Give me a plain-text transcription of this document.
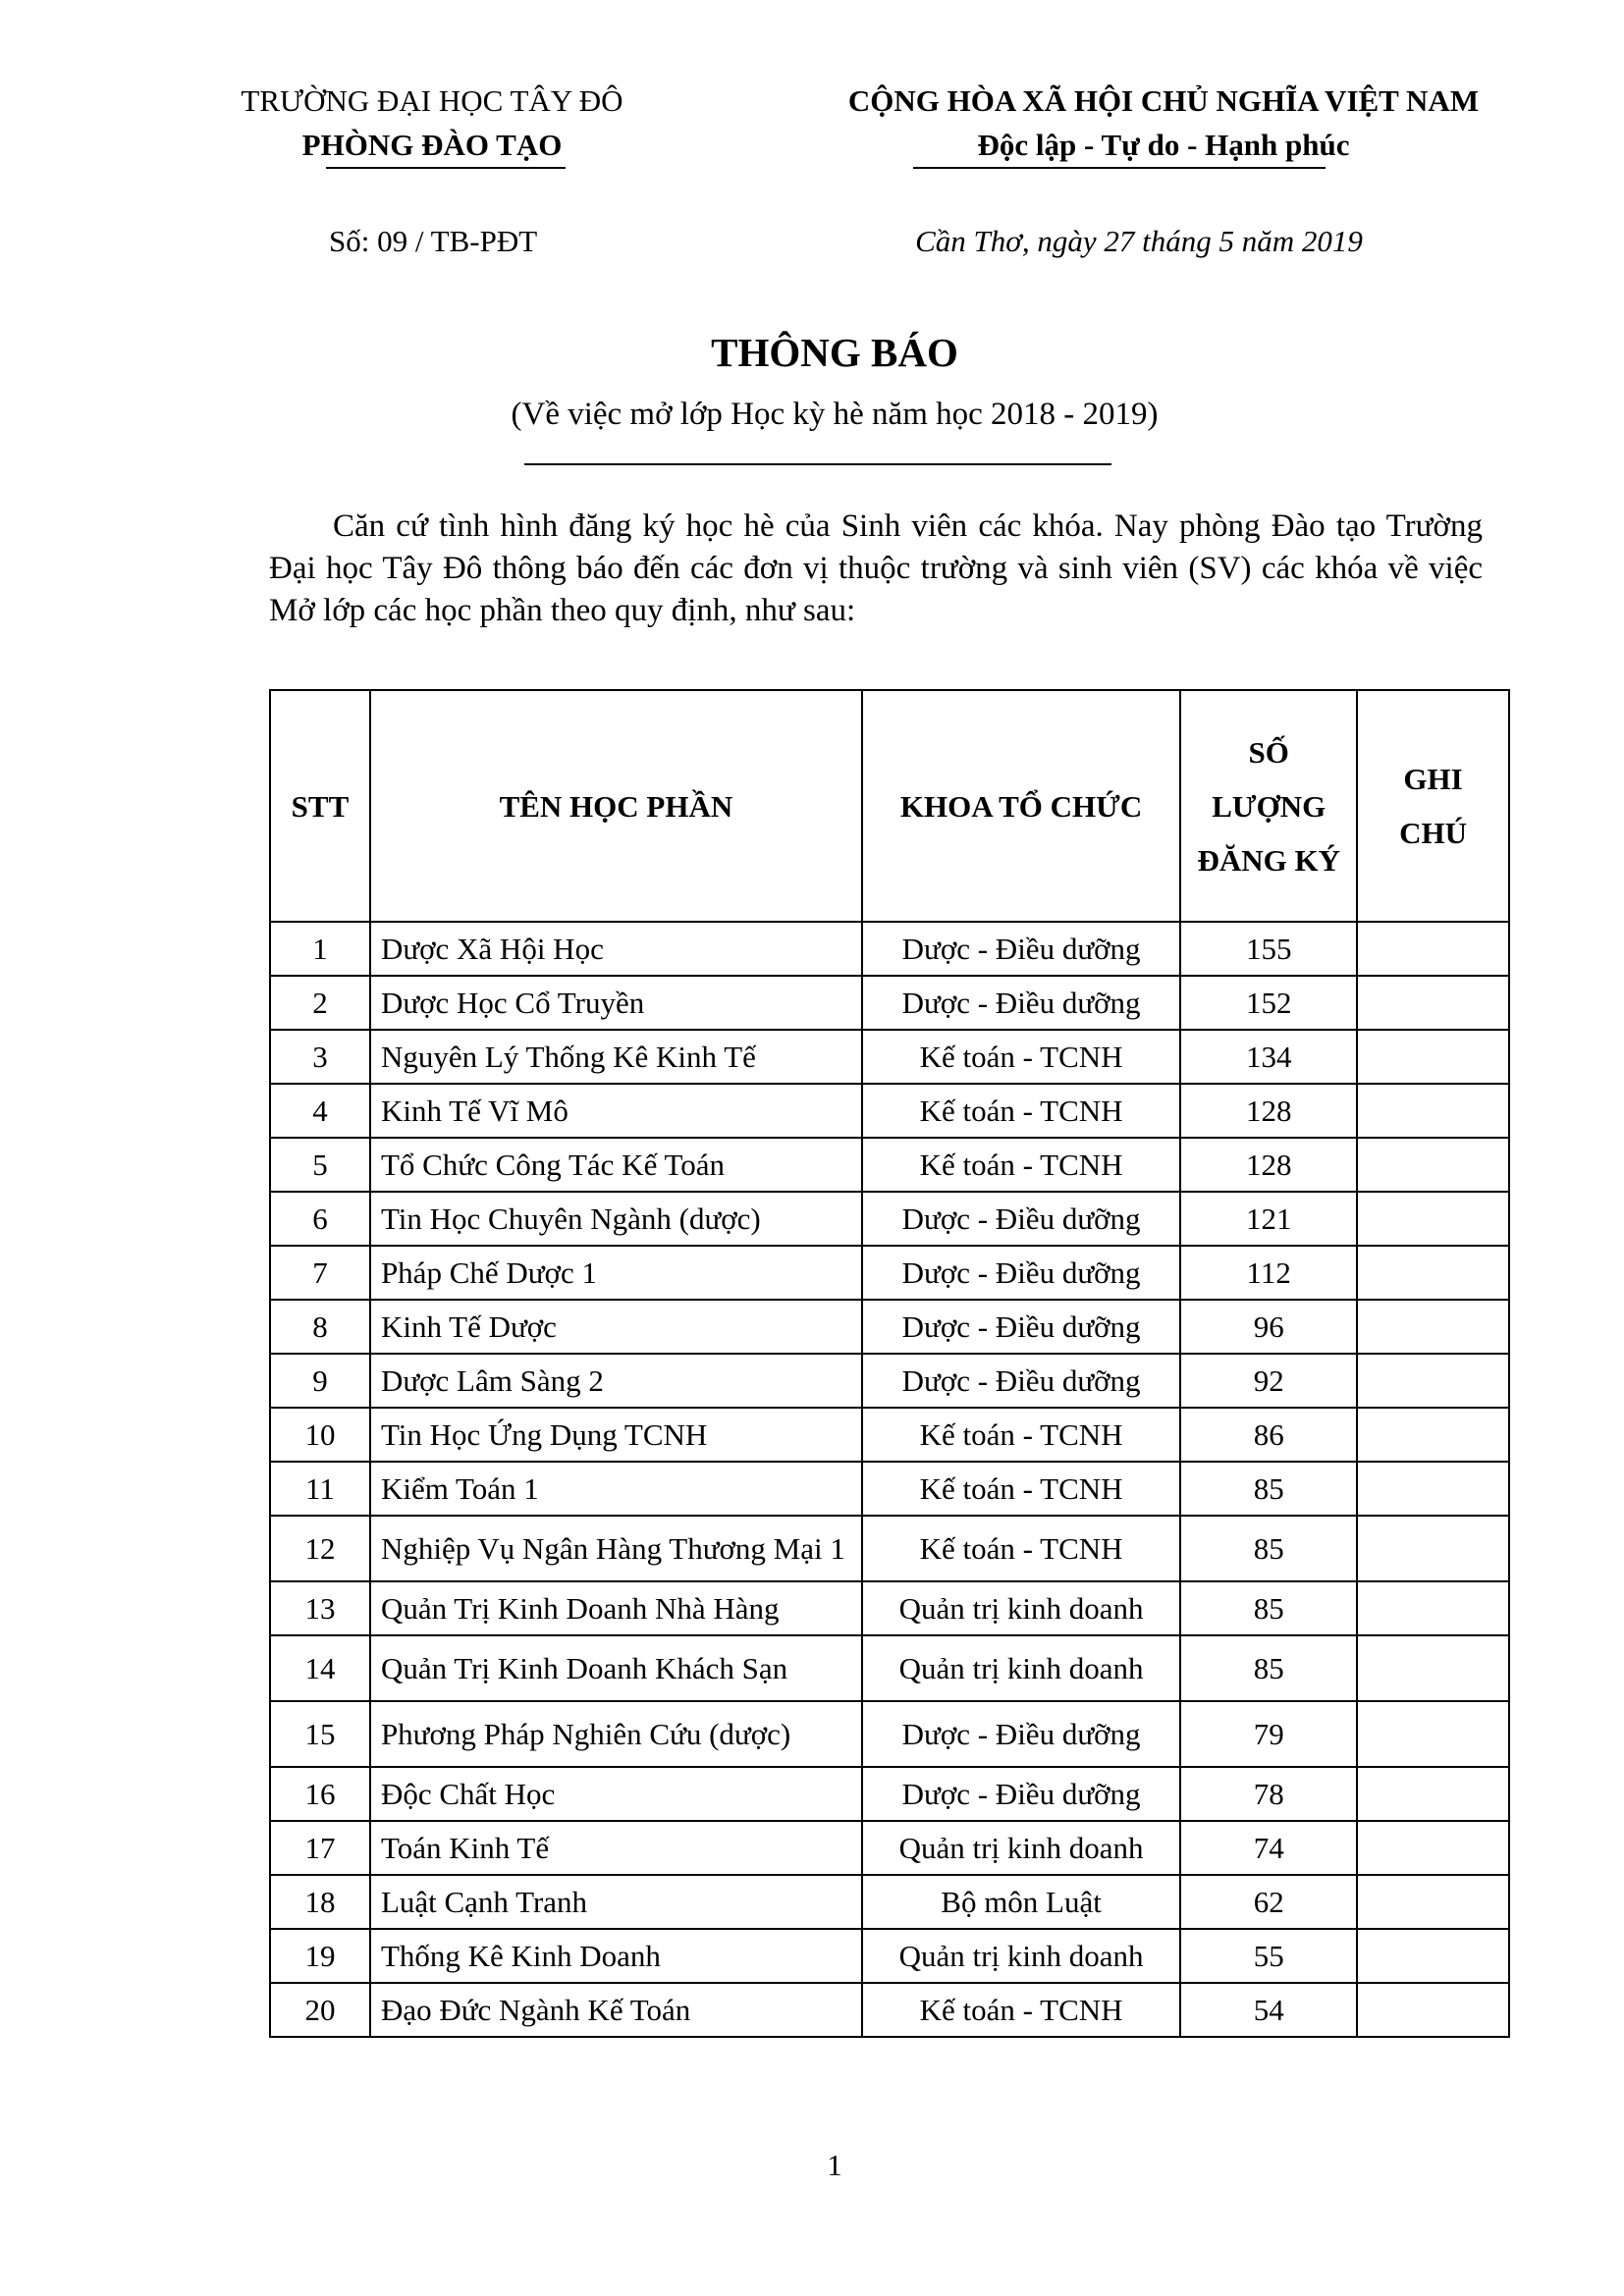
TRƯỜNG ĐẠI HỌC TÂY ĐÔ
PHÒNG ĐÀO TẠO
CỘNG HÒA XÃ HỘI CHỦ NGHĨA VIỆT NAM
Độc lập - Tự do - Hạnh phúc
Số: 09 / TB-PĐT	Cần Thơ, ngày 27 tháng 5 năm 2019
THÔNG BÁO
(Về việc mở lớp Học kỳ hè năm học 2018 - 2019)
Căn cứ tình hình đăng ký học hè của Sinh viên các khóa. Nay phòng Đào tạo Trường Đại học Tây Đô thông báo đến các đơn vị thuộc trường và sinh viên (SV) các khóa về việc Mở lớp các học phần theo quy định, như sau:
STT	TÊN HỌC PHẦN	KHOA TỔ CHỨC	SỐ LƯỢNG ĐĂNG KÝ	GHI CHÚ
1	Dược Xã Hội Học	Dược - Điều dưỡng	155	
2	Dược Học Cổ Truyền	Dược - Điều dưỡng	152	
3	Nguyên Lý Thống Kê Kinh Tế	Kế toán - TCNH	134	
4	Kinh Tế Vĩ Mô	Kế toán - TCNH	128	
5	Tổ Chức Công Tác Kế Toán	Kế toán - TCNH	128	
6	Tin Học Chuyên Ngành (dược)	Dược - Điều dưỡng	121	
7	Pháp Chế Dược 1	Dược - Điều dưỡng	112	
8	Kinh Tế Dược	Dược - Điều dưỡng	96	
9	Dược Lâm Sàng 2	Dược - Điều dưỡng	92	
10	Tin Học Ứng Dụng TCNH	Kế toán - TCNH	86	
11	Kiểm Toán 1	Kế toán - TCNH	85	
12	Nghiệp Vụ Ngân Hàng Thương Mại 1	Kế toán - TCNH	85	
13	Quản Trị Kinh Doanh Nhà Hàng	Quản trị kinh doanh	85	
14	Quản Trị Kinh Doanh Khách Sạn	Quản trị kinh doanh	85	
15	Phương Pháp Nghiên Cứu (dược)	Dược - Điều dưỡng	79	
16	Độc Chất Học	Dược - Điều dưỡng	78	
17	Toán Kinh Tế	Quản trị kinh doanh	74	
18	Luật Cạnh Tranh	Bộ môn Luật	62	
19	Thống Kê Kinh Doanh	Quản trị kinh doanh	55	
20	Đạo Đức Ngành Kế Toán	Kế toán - TCNH	54	
1
